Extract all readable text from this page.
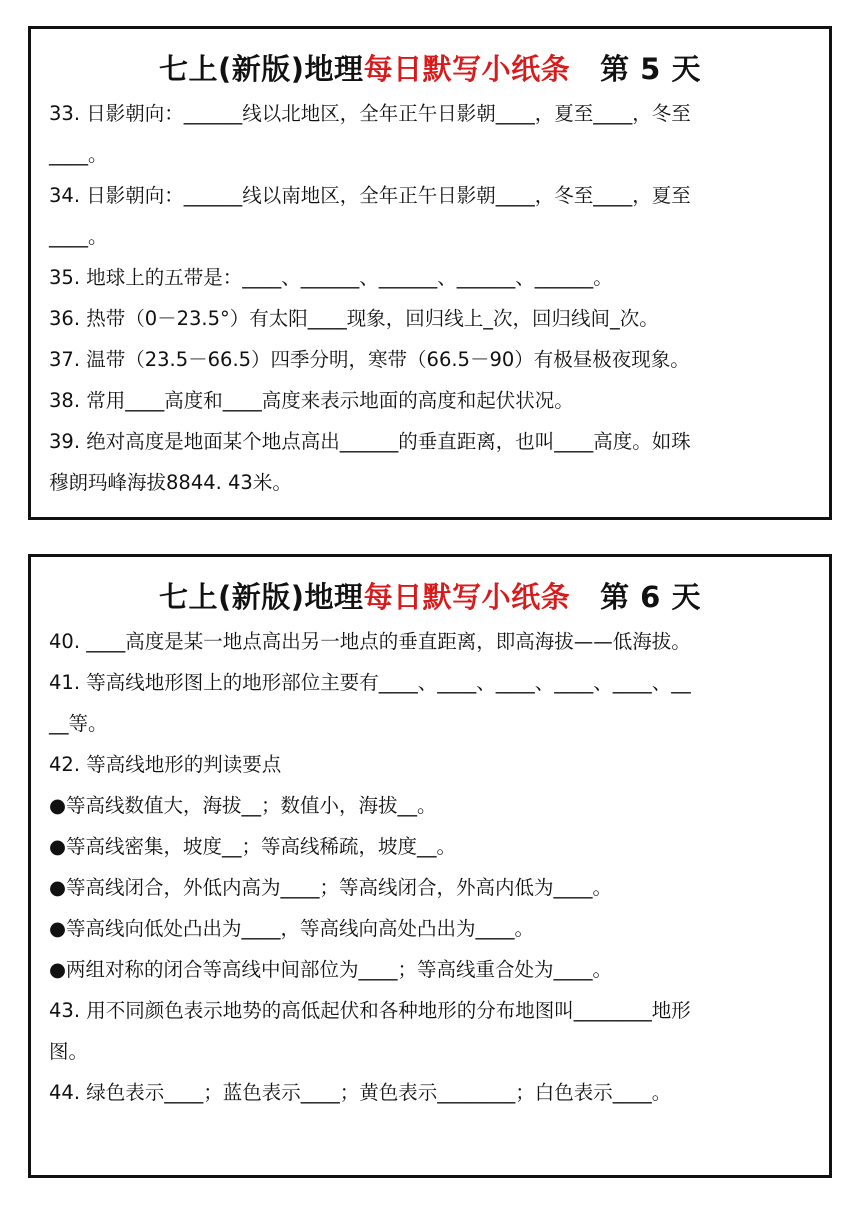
七上(新版)地理每日默写小纸条 第 5 天
33. 日影朝向：______线以北地区，全年正午日影朝____，夏至____，冬至
____。
34. 日影朝向：______线以南地区，全年正午日影朝____，冬至____，夏至
____。
35. 地球上的五带是：____、______、______、______、______。
36. 热带（0－23.5°）有太阳____现象，回归线上_次，回归线间_次。
37. 温带（23.5－66.5）四季分明，寒带（66.5－90）有极昼极夜现象。
38. 常用____高度和____高度来表示地面的高度和起伏状况。
39. 绝对高度是地面某个地点高出______的垂直距离，也叫____高度。如珠
穆朗玛峰海拔8844. 43米。
七上(新版)地理每日默写小纸条 第 6 天
40. ____高度是某一地点高出另一地点的垂直距离，即高海拔——低海拔。
41. 等高线地形图上的地形部位主要有____、____、____、____、____、__
__等。
42. 等高线地形的判读要点
●等高线数值大，海拔__；数值小，海拔__。
●等高线密集，坡度__；等高线稀疏，坡度__。
●等高线闭合，外低内高为____；等高线闭合，外高内低为____。
●等高线向低处凸出为____，等高线向高处凸出为____。
●两组对称的闭合等高线中间部位为____；等高线重合处为____。
43. 用不同颜色表示地势的高低起伏和各种地形的分布地图叫________地形
图。
44. 绿色表示____；蓝色表示____；黄色表示________；白色表示____。
